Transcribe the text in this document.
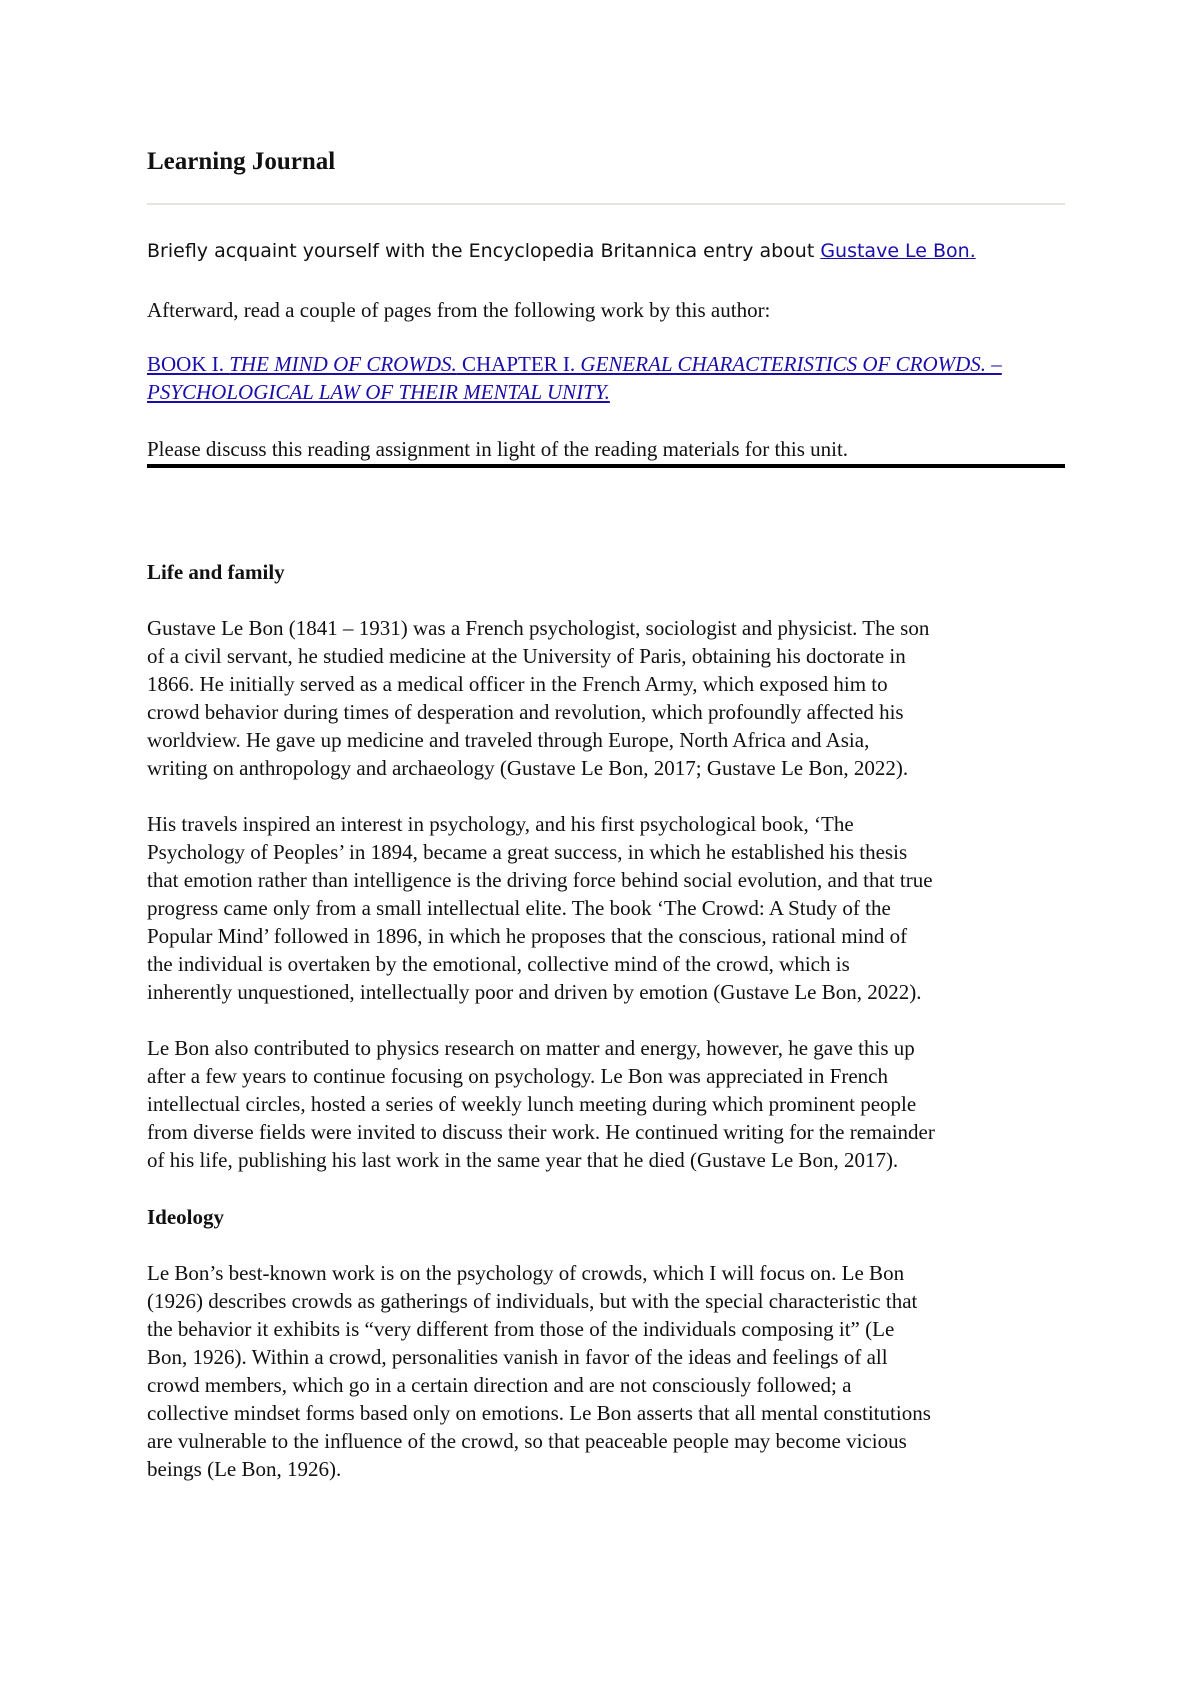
Learning Journal

Briefly acquaint yourself with the Encyclopedia Britannica entry about Gustave Le Bon.

Afterward, read a couple of pages from the following work by this author:

BOOK I. THE MIND OF CROWDS. CHAPTER I. GENERAL CHARACTERISTICS OF CROWDS. – PSYCHOLOGICAL LAW OF THEIR MENTAL UNITY.

Please discuss this reading assignment in light of the reading materials for this unit.

Life and family

Gustave Le Bon (1841 – 1931) was a French psychologist, sociologist and physicist. The son
of a civil servant, he studied medicine at the University of Paris, obtaining his doctorate in
1866. He initially served as a medical officer in the French Army, which exposed him to
crowd behavior during times of desperation and revolution, which profoundly affected his
worldview. He gave up medicine and traveled through Europe, North Africa and Asia,
writing on anthropology and archaeology (Gustave Le Bon, 2017; Gustave Le Bon, 2022).

His travels inspired an interest in psychology, and his first psychological book, ‘The
Psychology of Peoples’ in 1894, became a great success, in which he established his thesis
that emotion rather than intelligence is the driving force behind social evolution, and that true
progress came only from a small intellectual elite. The book ‘The Crowd: A Study of the
Popular Mind’ followed in 1896, in which he proposes that the conscious, rational mind of
the individual is overtaken by the emotional, collective mind of the crowd, which is
inherently unquestioned, intellectually poor and driven by emotion (Gustave Le Bon, 2022).

Le Bon also contributed to physics research on matter and energy, however, he gave this up
after a few years to continue focusing on psychology. Le Bon was appreciated in French
intellectual circles, hosted a series of weekly lunch meeting during which prominent people
from diverse fields were invited to discuss their work. He continued writing for the remainder
of his life, publishing his last work in the same year that he died (Gustave Le Bon, 2017).

Ideology

Le Bon’s best-known work is on the psychology of crowds, which I will focus on. Le Bon
(1926) describes crowds as gatherings of individuals, but with the special characteristic that
the behavior it exhibits is “very different from those of the individuals composing it” (Le
Bon, 1926). Within a crowd, personalities vanish in favor of the ideas and feelings of all
crowd members, which go in a certain direction and are not consciously followed; a
collective mindset forms based only on emotions. Le Bon asserts that all mental constitutions
are vulnerable to the influence of the crowd, so that peaceable people may become vicious
beings (Le Bon, 1926).
